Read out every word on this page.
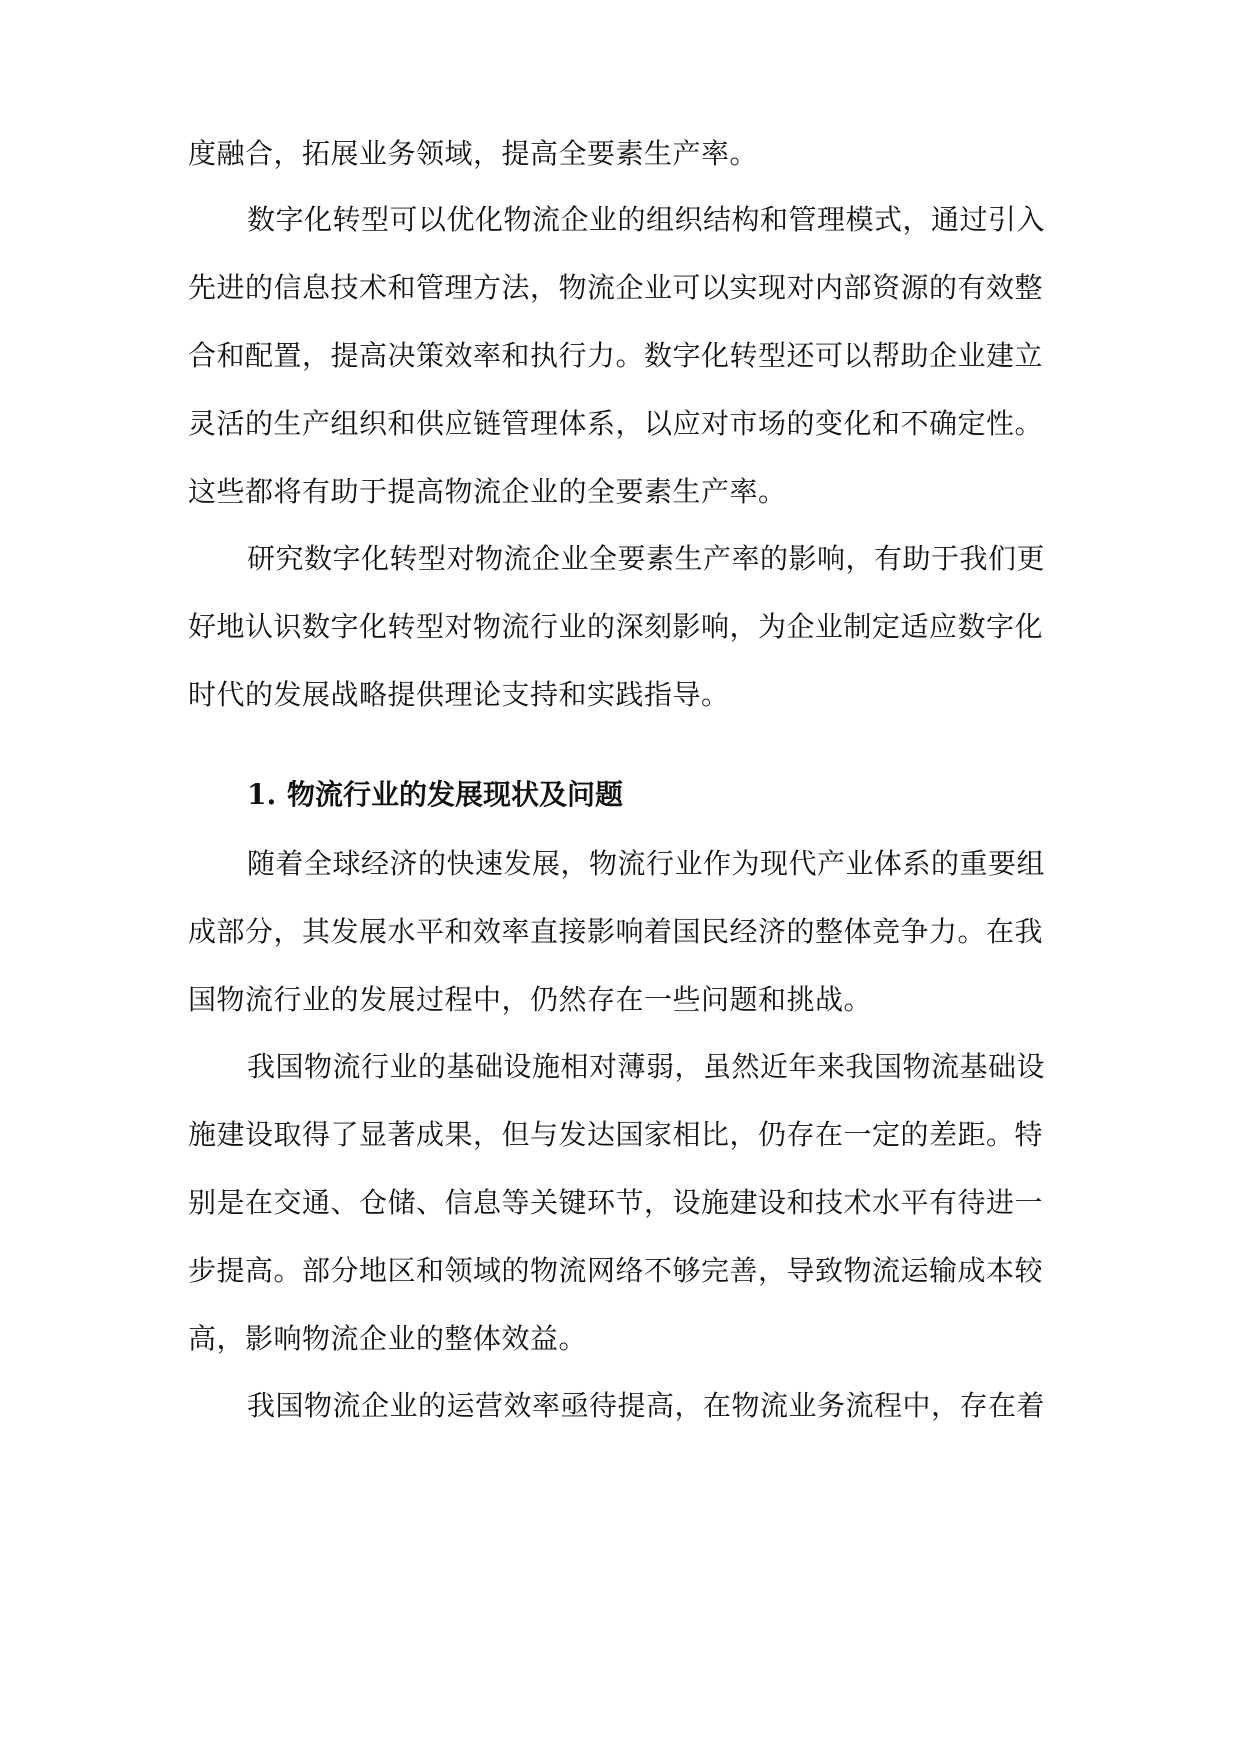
度融合，拓展业务领域，提高全要素生产率。
数字化转型可以优化物流企业的组织结构和管理模式，通过引入
先进的信息技术和管理方法，物流企业可以实现对内部资源的有效整
合和配置，提高决策效率和执行力。数字化转型还可以帮助企业建立
灵活的生产组织和供应链管理体系，以应对市场的变化和不确定性。
这些都将有助于提高物流企业的全要素生产率。
研究数字化转型对物流企业全要素生产率的影响，有助于我们更
好地认识数字化转型对物流行业的深刻影响，为企业制定适应数字化
时代的发展战略提供理论支持和实践指导。
1. 物流行业的发展现状及问题
随着全球经济的快速发展，物流行业作为现代产业体系的重要组
成部分，其发展水平和效率直接影响着国民经济的整体竞争力。在我
国物流行业的发展过程中，仍然存在一些问题和挑战。
我国物流行业的基础设施相对薄弱，虽然近年来我国物流基础设
施建设取得了显著成果，但与发达国家相比，仍存在一定的差距。特
别是在交通、仓储、信息等关键环节，设施建设和技术水平有待进一
步提高。部分地区和领域的物流网络不够完善，导致物流运输成本较
高，影响物流企业的整体效益。
我国物流企业的运营效率亟待提高，在物流业务流程中，存在着
